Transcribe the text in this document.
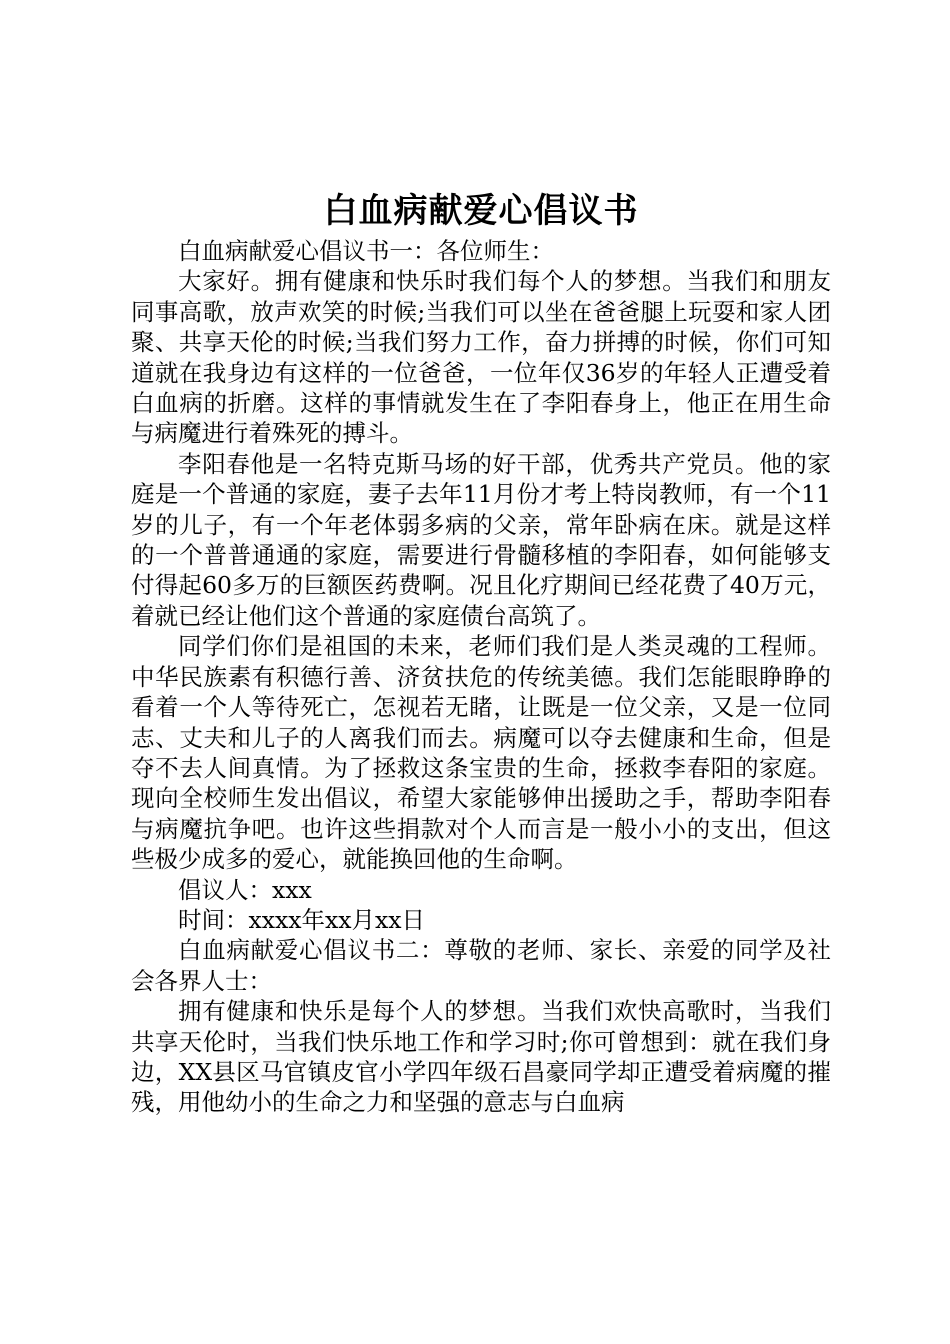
白血病献爱心倡议书

白血病献爱心倡议书一：各位师生：

大家好。拥有健康和快乐时我们每个人的梦想。当我们和朋友同事高歌，放声欢笑的时候;当我们可以坐在爸爸腿上玩耍和家人团聚、共享天伦的时候;当我们努力工作，奋力拼搏的时候，你们可知道就在我身边有这样的一位爸爸，一位年仅36岁的年轻人正遭受着白血病的折磨。这样的事情就发生在了李阳春身上，他正在用生命与病魔进行着殊死的搏斗。

李阳春他是一名特克斯马场的好干部，优秀共产党员。他的家庭是一个普通的家庭，妻子去年11月份才考上特岗教师，有一个11岁的儿子，有一个年老体弱多病的父亲，常年卧病在床。就是这样的一个普普通通的家庭，需要进行骨髓移植的李阳春，如何能够支付得起60多万的巨额医药费啊。况且化疗期间已经花费了40万元，着就已经让他们这个普通的家庭债台高筑了。

同学们你们是祖国的未来，老师们我们是人类灵魂的工程师。中华民族素有积德行善、济贫扶危的传统美德。我们怎能眼睁睁的看着一个人等待死亡，怎视若无睹，让既是一位父亲，又是一位同志、丈夫和儿子的人离我们而去。病魔可以夺去健康和生命，但是夺不去人间真情。为了拯救这条宝贵的生命，拯救李春阳的家庭。现向全校师生发出倡议，希望大家能够伸出援助之手，帮助李阳春与病魔抗争吧。也许这些捐款对个人而言是一般小小的支出，但这些极少成多的爱心，就能换回他的生命啊。

倡议人：xxx

时间：xxxx年xx月xx日

白血病献爱心倡议书二：尊敬的老师、家长、亲爱的同学及社会各界人士：

拥有健康和快乐是每个人的梦想。当我们欢快高歌时，当我们共享天伦时，当我们快乐地工作和学习时;你可曾想到：就在我们身边，XX县区马官镇皮官小学四年级石昌豪同学却正遭受着病魔的摧残，用他幼小的生命之力和坚强的意志与白血病
